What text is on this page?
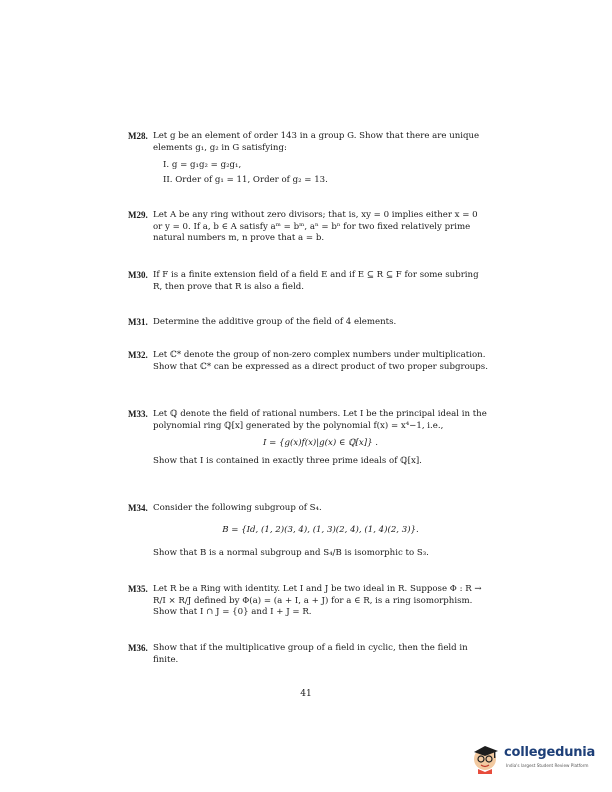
M28. Let g be an element of order 143 in a group G. Show that there are unique elements g₁, g₂ in G satisfying:

I. g = g₁g₂ = g₂g₁,
II. Order of g₁ = 11, Order of g₂ = 13.
M29. Let A be any ring without zero divisors; that is, xy = 0 implies either x = 0 or y = 0. If a, b ∈ A satisfy aᵐ = bᵐ, aⁿ = bⁿ for two fixed relatively prime natural numbers m, n prove that a = b.

M30. If F is a finite extension field of a field E and if E ⊆ R ⊆ F for some subring R, then prove that R is also a field.

M31. Determine the additive group of the field of 4 elements.

M32. Let ℂ* denote the group of non-zero complex numbers under multiplication. Show that ℂ* can be expressed as a direct product of two proper subgroups.

M33. Let ℚ denote the field of rational numbers. Let I be the principal ideal in the polynomial ring ℚ[x] generated by the polynomial f(x) = x⁴−1, i.e.,

I = {g(x)f(x)|g(x) ∈ ℚ[x]} .

Show that I is contained in exactly three prime ideals of ℚ[x].

M34. Consider the following subgroup of S₄.

B = {Id, (1, 2)(3, 4), (1, 3)(2, 4), (1, 4)(2, 3)}.

Show that B is a normal subgroup and S₄/B is isomorphic to S₃.

M35. Let R be a Ring with identity. Let I and J be two ideal in R. Suppose Φ : R → R/I × R/J defined by Φ(a) = (a + I, a + J) for a ∈ R, is a ring isomorphism. Show that I ∩ J = {0} and I + J = R.

M36. Show that if the multiplicative group of a field in cyclic, then the field in finite.

41
collegedunia
India's largest Student Review Platform
